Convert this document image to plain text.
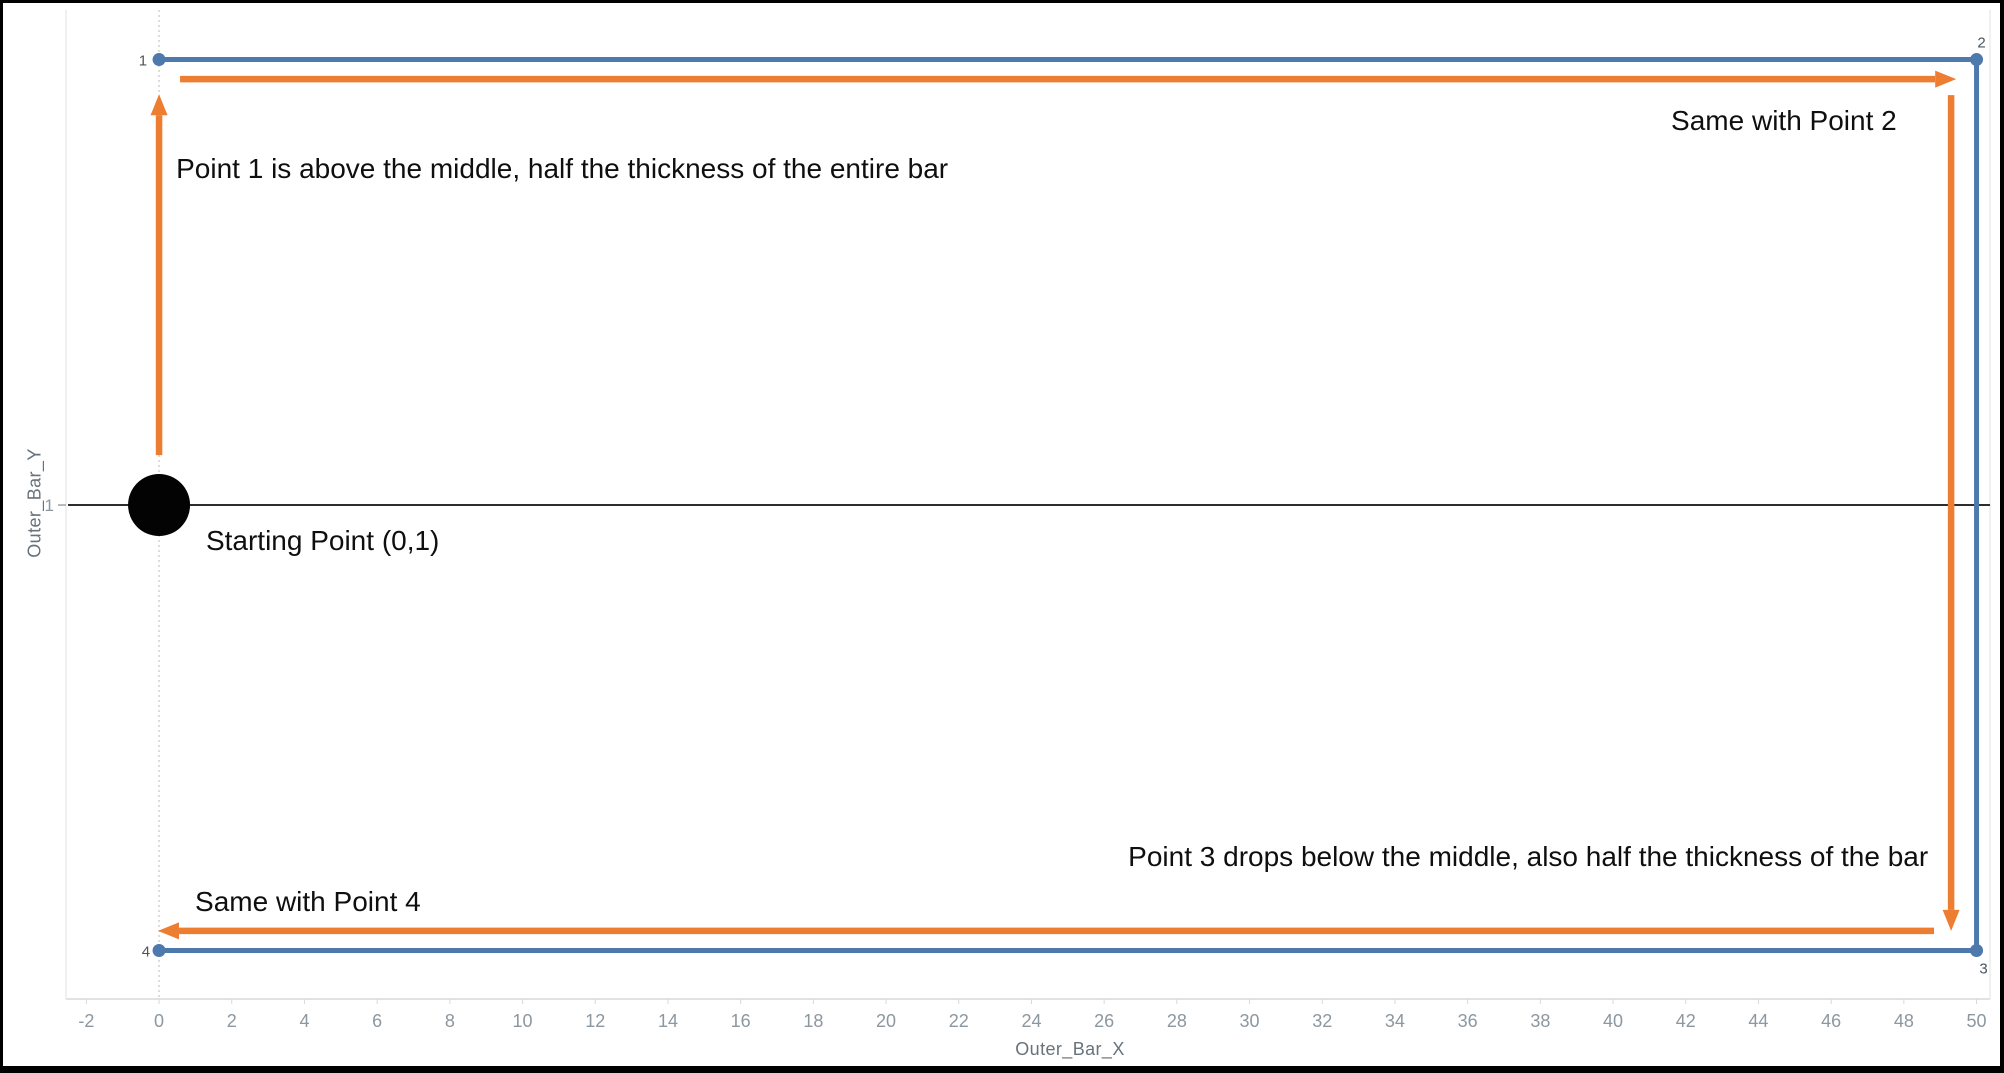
-2	0	2	4	6	8	10	12	14	16	18	20	22	24	26	28	30	32	34	36	38	40	42	44	46	48	50
1
1
2
3
4
Point 1 is above the middle, half the thickness of the entire bar
Same with Point 2
Starting Point (0,1)
Point 3 drops below the middle, also half the thickness of the bar
Same with Point 4
Outer_Bar_X
Outer_Bar_Y
